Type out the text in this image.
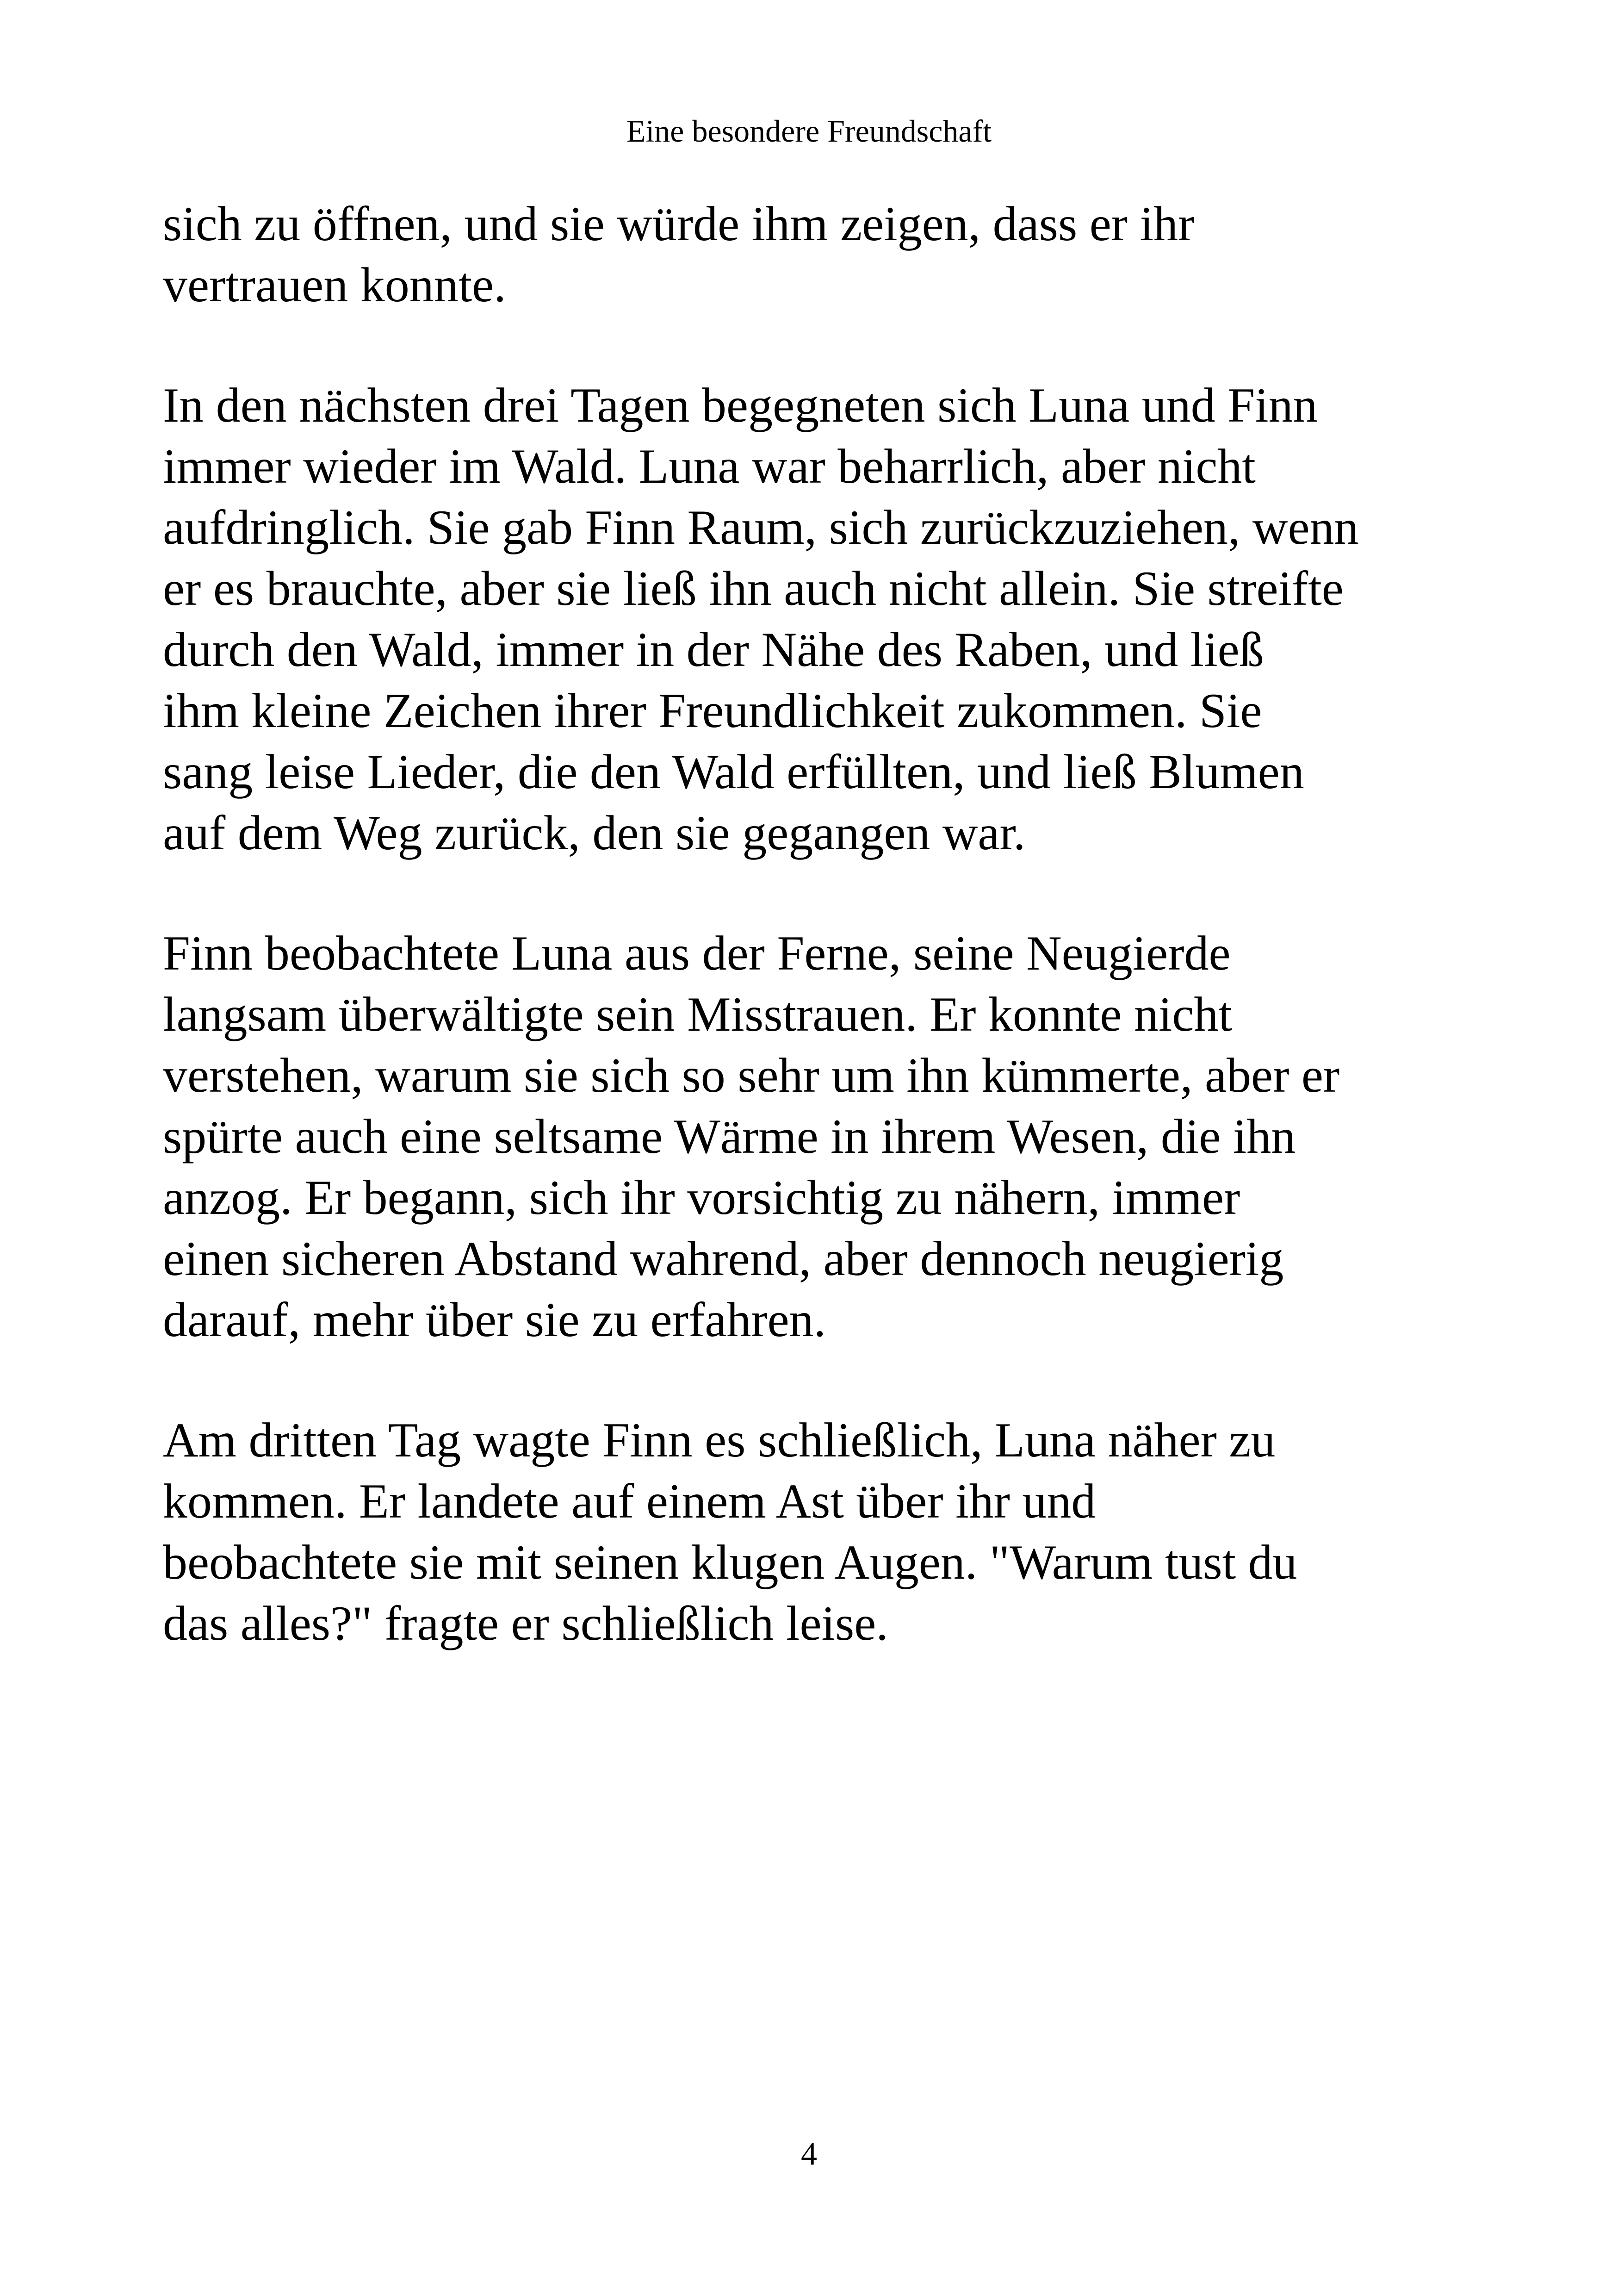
Eine besondere Freundschaft

sich zu öffnen, und sie würde ihm zeigen, dass er ihr
vertrauen konnte.

In den nächsten drei Tagen begegneten sich Luna und Finn
immer wieder im Wald. Luna war beharrlich, aber nicht
aufdringlich. Sie gab Finn Raum, sich zurückzuziehen, wenn
er es brauchte, aber sie ließ ihn auch nicht allein. Sie streifte
durch den Wald, immer in der Nähe des Raben, und ließ
ihm kleine Zeichen ihrer Freundlichkeit zukommen. Sie
sang leise Lieder, die den Wald erfüllten, und ließ Blumen
auf dem Weg zurück, den sie gegangen war.

Finn beobachtete Luna aus der Ferne, seine Neugierde
langsam überwältigte sein Misstrauen. Er konnte nicht
verstehen, warum sie sich so sehr um ihn kümmerte, aber er
spürte auch eine seltsame Wärme in ihrem Wesen, die ihn
anzog. Er begann, sich ihr vorsichtig zu nähern, immer
einen sicheren Abstand wahrend, aber dennoch neugierig
darauf, mehr über sie zu erfahren.

Am dritten Tag wagte Finn es schließlich, Luna näher zu
kommen. Er landete auf einem Ast über ihr und
beobachtete sie mit seinen klugen Augen. "Warum tust du
das alles?" fragte er schließlich leise.

4
